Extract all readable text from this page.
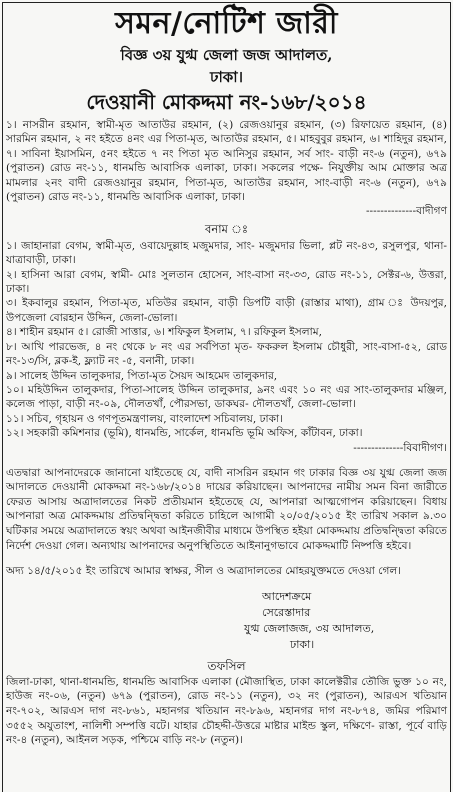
সমন/নোটিশ জারী
বিজ্ঞ ৩য় যুগ্ম জেলা জজ আদালত,
ঢাকা।
দেওয়ানী মোকদ্দমা নং-১৬৮/২০১৪

১। নাসরীন রহমান, স্বামী-মৃত আতাউর রহমান, (২) রেজওয়ানুর রহমান, (৩) রিফায়েত রহমান, (৪) সারমিন রহমান, ২ নং হইতে ৪নং এর পিতা-মৃত, আতাউর রহমান, ৫। মাহবুবুর রহমান, ৬। শাহিদুর রহমান, ৭। সাবিনা ইয়াসমিন, ৫নং হইতে ৭ নং পিতা মৃত আনিসুর রহমান, সর্ব সাং- বাড়ী নং-৬ (নতুন), ৬৭৯ (পুরাতন) রোড নং-১১, ধানমন্ডি আবাসিক এলাকা, ঢাকা। সকলের পক্ষে- নিযুক্তীয় আম মোক্তার অত্র মামলার ২নং বাদী রেজওয়ানুর রহমান, পিতা-মৃত, আতাউর রহমান, সাং-বাড়ী নং-৬ (নতুন), ৬৭৯ (পুরাতন) রোড নং-১১, ধানমন্ডি আবাসিক এলাকা, ঢাকা।

--------------বাদীগণ

বনাম ঃ

১। জাহানারা বেগম, স্বামী-মৃত, ওবায়েদুল্লাহ মজুমদার, সাং- মজুমদার ভিলা, প্লট নং-৪৩, রসুলপুর, থানা-যাত্রাবাড়ী, ঢাকা।

২। হাসিনা আরা বেগম, স্বামী- মোঃ সুলতান হোসেন, সাং-বাসা নং-৩৩, রোড নং-১১, সেক্টর-৬, উত্তরা, ঢাকা।

৩। ইকবালুর রহমান, পিতা-মৃত, মতিউর রহমান, বাড়ী ডিপটি বাড়ী (রাস্তার মাথা), গ্রাম ঃ উদয়পুর, উপজেলা বোরহান উদ্দিন, জেলা-ভোলা।

৪। শাহীন রহমান ৫। রোজী সাত্তার, ৬। শফিকুল ইসলাম, ৭। রফিকুল ইসলাম,

৮। আখি পারভেজ, ৪ নং থেকে ৮ নং এর সর্বপিতা মৃত- ফকরুল ইসলাম চৌধুরী, সাং-বাসা-৫২, রোড নং-১৩/সি, ব্লক-ই, ফ্ল্যাট নং -৫, বনানী, ঢাকা।

৯। সালেহ উদ্দিন তালুকদার, পিতা-মৃত সৈয়দ আহমেদ তালুকদার,

১০। মহিউদ্দিন তালুকদার, পিতা-সালেহ উদ্দিন তালুকদার, ৯নং এবং ১০ নং এর সাং-তালুকদার মঞ্জিল, কলেজ পাড়া, বাড়ী নং-০৯, দৌলতখাঁ, পৌরসভা, ডাকঘর- দৌলতখাঁ, জেলা-ভোলা।

১১। সচিব, গৃহায়ন ও গণপূতমন্ত্রণালয়, বাংলাদেশ সচিবালয়, ঢাকা।

১২। সহকারী কমিশনার (ভূমি), ধানমন্ডি, সার্কেল, ধানমন্ডি ভূমি অফিস, কাঁটাবন, ঢাকা।

--------------বিবাদীগণ।

এতদ্বারা আপনাদেরকে জানানো যাইতেছে যে, বাদী নাসরিন রহমান গং ঢাকার বিজ্ঞ ৩য় যুগ্ম জেলা জজ আদালতে দেওয়ানী মোকদ্দমা নং-১৬৮/২০১৪ দায়ের করিয়াছেন। আপনাদের নামীয় সমন বিনা জারীতে ফেরত আসায় অত্রাদালতের নিকট প্রতীয়মান হইতেছে যে, আপনারা আত্মগোপন করিয়াছেন। বিধায় আপনারা অত্র মোকদ্দমায় প্রতিদ্বন্দ্বিতা করিতে চাহিলে আগামী ২০/০৫/২০১৫ ইং তারিখ সকাল ৯.৩০ ঘটিকার সময়ে অত্রাদালতে স্বয়ং অথবা আইনজীবীর মাধ্যমে উপস্থিত হইয়া মোকদ্দমায় প্রতিদ্বন্দ্বিতা করিতে নির্দেশ দেওয়া গেল। অন্যথায় আপনাদের অনুপস্থিতিতে আইনানুগভাবে মোকদ্দমাটি নিষ্পত্তি হইবে।

অদ্য ১৪/৫/২০১৫ ইং তারিখে আমার স্বাক্ষর, সীল ও অত্রাদালতের মোহরযুক্তমতে দেওয়া গেল।

আদেশক্রমে
সেরেস্তাদার
যুগ্ম জেলাজজ, ৩য় আদালত,
ঢাকা।
তফসিল
জিলা-ঢাকা, থানা-ধানমন্ডি, ধানমন্ডি আবাসিক এলাকা (মৌজাস্থিত, ঢাকা কালেক্টরীর তৌজি ভুক্ত ১০ নং, হাউজ নং-০৬, (নতুন) ৬৭৯ (পুরাতন), রোড নং-১১ (নতুন), ৩২ নং (পুরাতন), আরএস খতিয়ান নং-৭০২, আরএস দাগ নং-৮৬১, মহানগর খতিয়ান নং-৮৯৬, মহানগর দাগ নং-৮৭৪, জমির পরিমাণ ৩৫৫২ অযুতাংশ, নালিশী সম্পত্তি বটে। যাহার চৌহদ্দী-উত্তরে মাষ্টার মাইন্ড স্কুল, দক্ষিণে- রাস্তা, পূর্বে বাড়ি নং-৪ (নতুন), আইনল সড়ক, পশ্চিমে বাড়ি নং-৮ (নতুন)।
